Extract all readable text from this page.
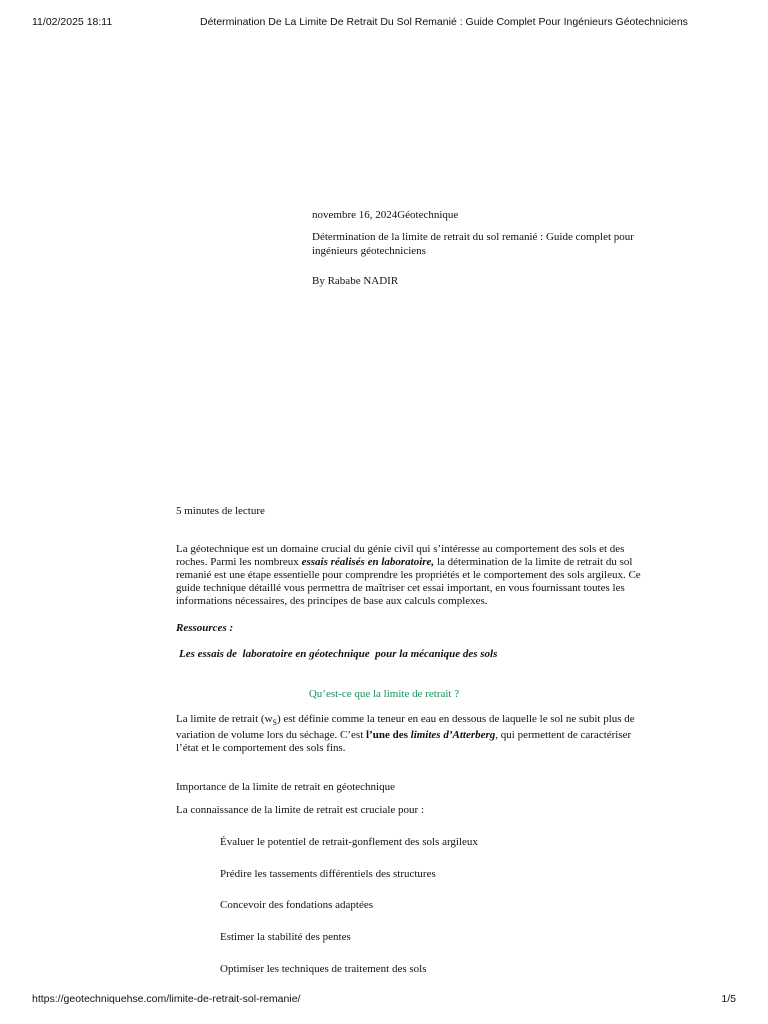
11/02/2025 18:11	Détermination De La Limite De Retrait Du Sol Remanié : Guide Complet Pour Ingénieurs Géotechniciens
novembre 16, 2024Géotechnique
Détermination de la limite de retrait du sol remanié : Guide complet pour ingénieurs géotechniciens
By Rababe NADIR
5 minutes de lecture
La géotechnique est un domaine crucial du génie civil qui s’intéresse au comportement des sols et des roches. Parmi les nombreux essais réalisés en laboratoire, la détermination de la limite de retrait du sol remanié est une étape essentielle pour comprendre les propriétés et le comportement des sols argileux. Ce guide technique détaillé vous permettra de maîtriser cet essai important, en vous fournissant toutes les informations nécessaires, des principes de base aux calculs complexes.
Ressources :
Les essais de  laboratoire en géotechnique  pour la mécanique des sols
Qu’est-ce que la limite de retrait ?
La limite de retrait $(w_S)$ est définie comme la teneur en eau en dessous de laquelle le sol ne subit plus de variation de volume lors du séchage. C’est l’une des limites d’Atterberg, qui permettent de caractériser l’état et le comportement des sols fins.
Importance de la limite de retrait en géotechnique
La connaissance de la limite de retrait est cruciale pour :
Évaluer le potentiel de retrait-gonflement des sols argileux
Prédire les tassements différentiels des structures
Concevoir des fondations adaptées
Estimer la stabilité des pentes
Optimiser les techniques de traitement des sols
https://geotechniquehse.com/limite-de-retrait-sol-remanie/	1/5
